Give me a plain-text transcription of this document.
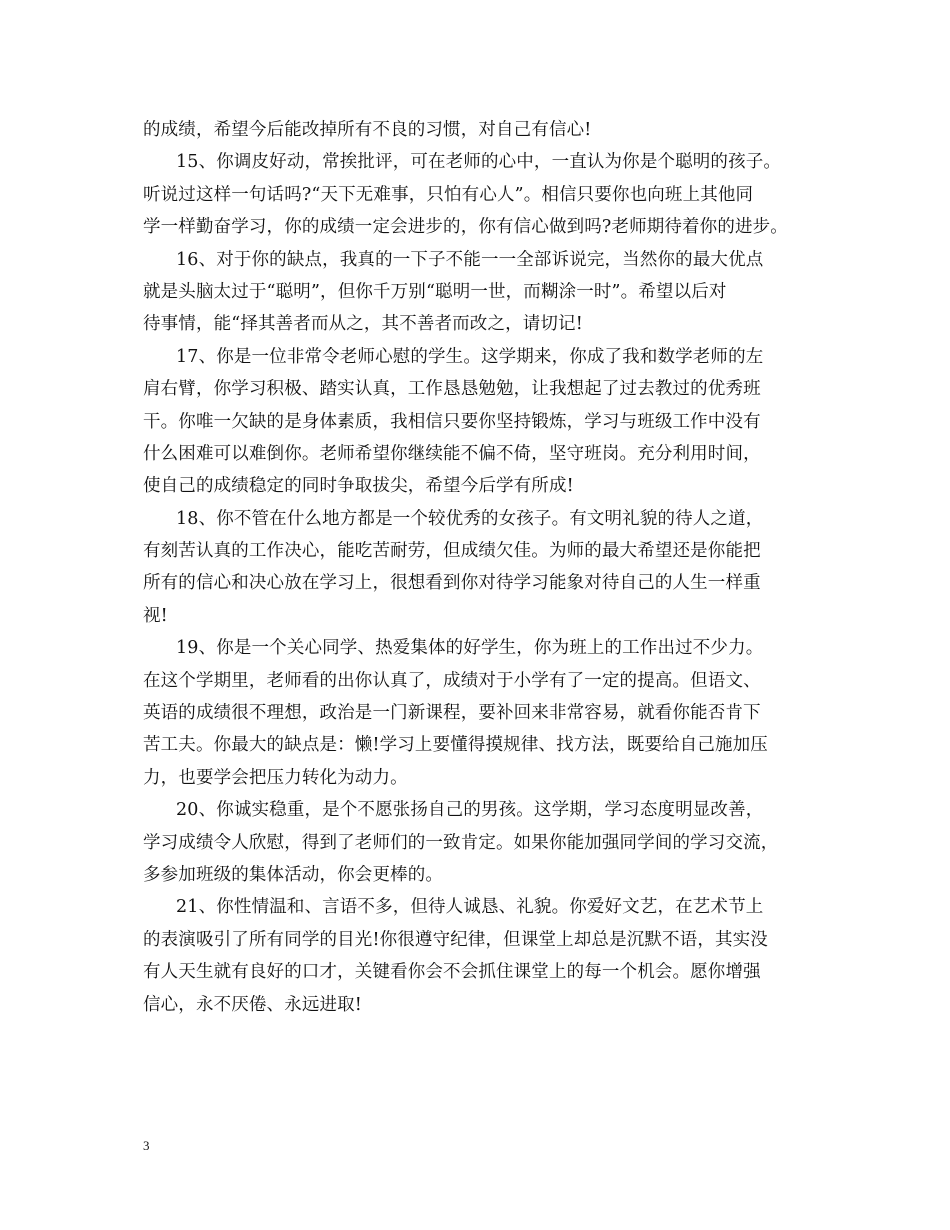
的成绩，希望今后能改掉所有不良的习惯，对自己有信心!
15、你调皮好动，常挨批评，可在老师的心中，一直认为你是个聪明的孩子。
听说过这样一句话吗?“天下无难事，只怕有心人”。相信只要你也向班上其他同
学一样勤奋学习，你的成绩一定会进步的，你有信心做到吗?老师期待着你的进步。
16、对于你的缺点，我真的一下子不能一一全部诉说完，当然你的最大优点
就是头脑太过于“聪明”，但你千万别“聪明一世，而糊涂一时”。希望以后对
待事情，能“择其善者而从之，其不善者而改之，请切记!
17、你是一位非常令老师心慰的学生。这学期来，你成了我和数学老师的左
肩右臂，你学习积极、踏实认真，工作恳恳勉勉，让我想起了过去教过的优秀班
干。你唯一欠缺的是身体素质，我相信只要你坚持锻炼，学习与班级工作中没有
什么困难可以难倒你。老师希望你继续能不偏不倚，坚守班岗。充分利用时间，
使自己的成绩稳定的同时争取拔尖，希望今后学有所成!
18、你不管在什么地方都是一个较优秀的女孩子。有文明礼貌的待人之道，
有刻苦认真的工作决心，能吃苦耐劳，但成绩欠佳。为师的最大希望还是你能把
所有的信心和决心放在学习上，很想看到你对待学习能象对待自己的人生一样重
视!
19、你是一个关心同学、热爱集体的好学生，你为班上的工作出过不少力。
在这个学期里，老师看的出你认真了，成绩对于小学有了一定的提高。但语文、
英语的成绩很不理想，政治是一门新课程，要补回来非常容易，就看你能否肯下
苦工夫。你最大的缺点是：懒!学习上要懂得摸规律、找方法，既要给自己施加压
力，也要学会把压力转化为动力。
20、你诚实稳重，是个不愿张扬自己的男孩。这学期，学习态度明显改善，
学习成绩令人欣慰，得到了老师们的一致肯定。如果你能加强同学间的学习交流，
多参加班级的集体活动，你会更棒的。
21、你性情温和、言语不多，但待人诚恳、礼貌。你爱好文艺，在艺术节上
的表演吸引了所有同学的目光!你很遵守纪律，但课堂上却总是沉默不语，其实没
有人天生就有良好的口才，关键看你会不会抓住课堂上的每一个机会。愿你增强
信心，永不厌倦、永远进取!
3
